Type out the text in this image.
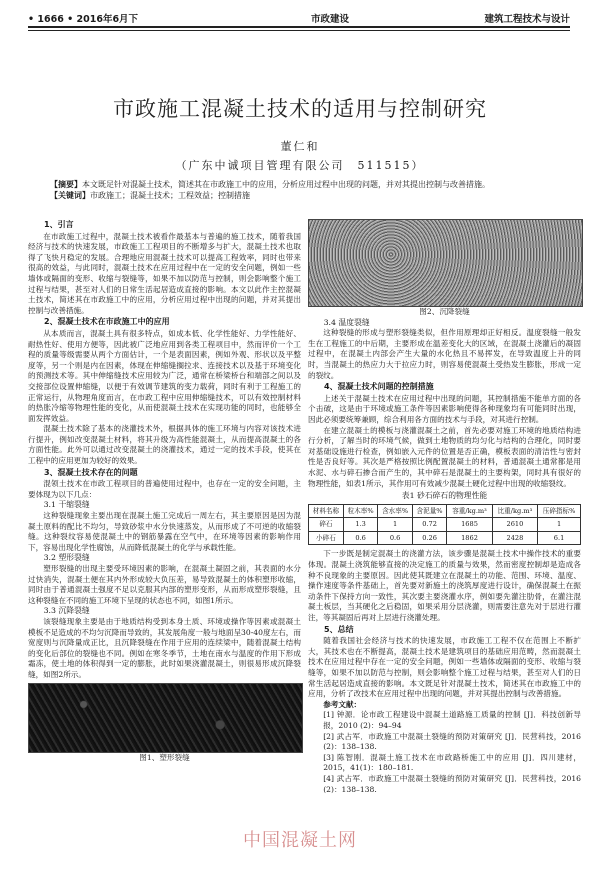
• 1666 • 2016年6月下	市政建设	建筑工程技术与设计
市政施工混凝土技术的适用与控制研究
董仁和
（广东中诚项目管理有限公司　511515）
【摘要】本文既足针对混凝土技术，简述其在市政施工中的应用，分析应用过程中出现的问题，并对其提出控制与改善措施。
【关键词】市政施工；混凝土技术；工程效益；控制措施
1、引言

在市政施工过程中，混凝土技术被看作最基本与普遍的施工技术，随着我国经济与技术的快速发展，市政施工工程项目的不断增多与扩大，混凝土技术也取得了飞快月稳定的发展。合理地应用混凝土技术可以提高工程效率，同时也带来很高的效益，与此同时，混凝土技术在应用过程中在一定的安全问题，例如一些墙体或隔面的变形、收缩与裂缝等，如果不加以防范与控制，则会影响整个施工过程与结果，甚至对人们的日常生活起居造成直接的影响。本文以此作主控混凝土技术，简述其在市政施工中的应用，分析应用过程中出现的问题，并对其提出控制与改善措施。

2、混凝土技术在市政施工中的应用

从本质而言，混凝土具有很多特点，如成本低、化学性能好、力学性能好、耐热性好、使用方便等，因此被广泛地应用到各类工程项目中，然而评价一个工程的质量等级需要从两个方面估计，一个是表面因素，例如外观、形状以及平整度等，另一个则是内在因素，体现在伸缩缝搁拉求、连接技术以及基于环境变化的预测技术等。其中伸缩缝技术应用较为广泛，通常在桥梁桥台和端部之间以及交接部位设置伸缩缝，以便于有效调节建筑的变力载荷，同时有利于工程施工的正常运行，从物理角度而言，在市政工程中应用伸缩缝技术，可以有效控制材料的热胀冷缩等物理性能的变化，从而使混凝土技术在实现功能的同时，也能够全面发挥效益。

混凝土技术除了基本的浇灌技术外，根据具体的施工环境与内容对该技术进行提升，例如改变混凝土材料，将其升级为高性能混凝土，从而提高混凝土的各方面性能。此外可以通过改变混凝土的浇灌技术，通过一定的技术手段，使其在工程中的应用更加为较好的效果。

3、混凝土技术存在的问题

混领土技术在市政工程项目的普遍使用过程中，也存在一定的安全问题，主要体现为以下几点：

3.1 干缩裂缝

这种裂缝现象主要出现在混凝土施工完成后一周左右，其主要原因是因为混凝土原料的配比不均匀，导致砂浆中水分快速蒸发，从而形成了不可逆的收缩裂缝。这种裂纹容易使混凝土中的钢筋暴露在空气中，在环境等因素的影响作用下，容易出现化学性腐蚀，从而降低混凝土的化学与承载性能。

3.2 塑形裂缝

塑形裂缝的出现主要受环境因素的影响，在混凝土凝固之前，其表面的水分过快消失，混凝土便在其内外形成较大负压差，易导致混凝土的体积塑形收缩，同时由于普通混凝土强度不足以克服其内部的塑形变形，从而形成塑形裂缝，且这种裂缝在不同的施工环境下呈现的状态也不同，如图1所示。

3.3 沉降裂缝

该裂缝现象主要是由于地质结构受到本身土质、环境或操作等因素或混凝土模板不足造成的不均匀沉降而导致的，其发展角度一般与地面呈30-40度左右，而宽度则与沉降量成正比，且沉降裂缝在作用于应用的连续梁中，随着混凝土结构的变化后部位的裂缝也不同。例如在寒冬季节，土地在南水与温度的作用下形成霜冻，使土地的体积得到一定的膨胀，此时如果浇灌混凝土，则很易形成沉降裂缝，如图2所示。

图1、塑形裂缝

图2、沉降裂缝

3.4 温度裂缝

这种裂缝的形成与塑形裂缝类似，但作用原理却正好相反。温度裂缝一般发生在工程施工的中后期，主要形成在温差变化大的区域，在混凝土浇灌后的凝固过程中，在混凝土内部会产生大量的水化热且不易挥发，在导致温度上升的同时，当混凝土的热应力大于拉应力时，则容易使混凝土受热发生膨胀，形成一定的裂纹。

4、混凝土技术问题的控制措施

上述关于混凝土技术在应用过程中出现的问题，其控制措施不能单方面的各个击破，这是由于环境或施工条件等因素影响使得各种现象均有可能同时出现，因此必须要统筹兼顾，综合利用各方面的技术与手段，对其进行控制。

在建立混凝土的模板与浇灌混凝土之前，首先必要对施工环境的地质结构进行分析，了解当时的环境气候，做到土地物质的均匀化与结构的合理化，同时要对基础设施进行检查，例如嵌入元件的位置是否正确，模板表面的清洁性与密封性是否良好等。其次是严格按照比例配置混凝土的材料，普通混凝土通常都是用水泥、水与碎石掺合而产生的，其中碎石是混凝土的主要构架，同时具有很好的物理性能，如表1所示，其作用可有效减少混凝土硬化过程中出现的收缩裂纹。

表1 砂石碎石的物理性能
材料名称	粒木率%	含水率%	含泥量%	容重/kg.m³	比重/kg.m³	压碎指标%
碎石	1.3	1	0.72	1685	2610	1
小碎石	0.6	0.6	0.26	1862	2428	6.1

下一步既是制定混凝土的浇灌方法，该步骤是混凝土技术中操作技术的重要体现。混凝土浇筑能够直接的决定施工的质量与效果，然而密度控制却是造成各种不良现象的主要原因。因此使其既建立在混凝土的功能、范围、环境、温度、操作速度等条件基础上，首先要对新施土的浇筑厚度进行设计，确保混凝土在振动条件下保持方向一致性，其次要主要浇灌水序，例如要先灌注肋骨，在灌注混凝土板层，当其硬化之后稳固，如果采用分层浇灌，则需要注意先对于层进行灌注，等其凝固后再对上层进行浇灌处理。

5、总结

随着我国社会经济与技术的快速发展，市政施工工程不仅在范围上不断扩大，其技术也在不断提高，混凝土技术是建筑项目的基础应用范畴，然而混凝土技术在应用过程中存在一定的安全问题，例如一些墙体或隔面的变形、收缩与裂缝等，如果不加以防范与控制，则会影响整个施工过程与结果，甚至对人们的日常生活起居造成直接的影响。本文既足针对混凝土技术，简述其在市政施工中的应用，分析了改技术在应用过程中出现的问题，并对其提出控制与改善措施。

参考文献：

[1] 钟源．论市政工程建设中混凝土道路施工质量的控制 [J]．科技创新导报，2010 (2)：94–94

[2] 武占军．市政施工中混凝土裂缝的预防对策研究 [J]．民营科技，2016 (2)：138–138.

[3] 陈智刚．混凝土施工技术在市政路桥施工中的应用 [J]．四川建材，2015，41(1)：180–181.

[4] 武占军．市政施工中混凝土裂缝的预防对策研究 [J]．民营科技，2016 (2)：138–138.

中国混凝土网
